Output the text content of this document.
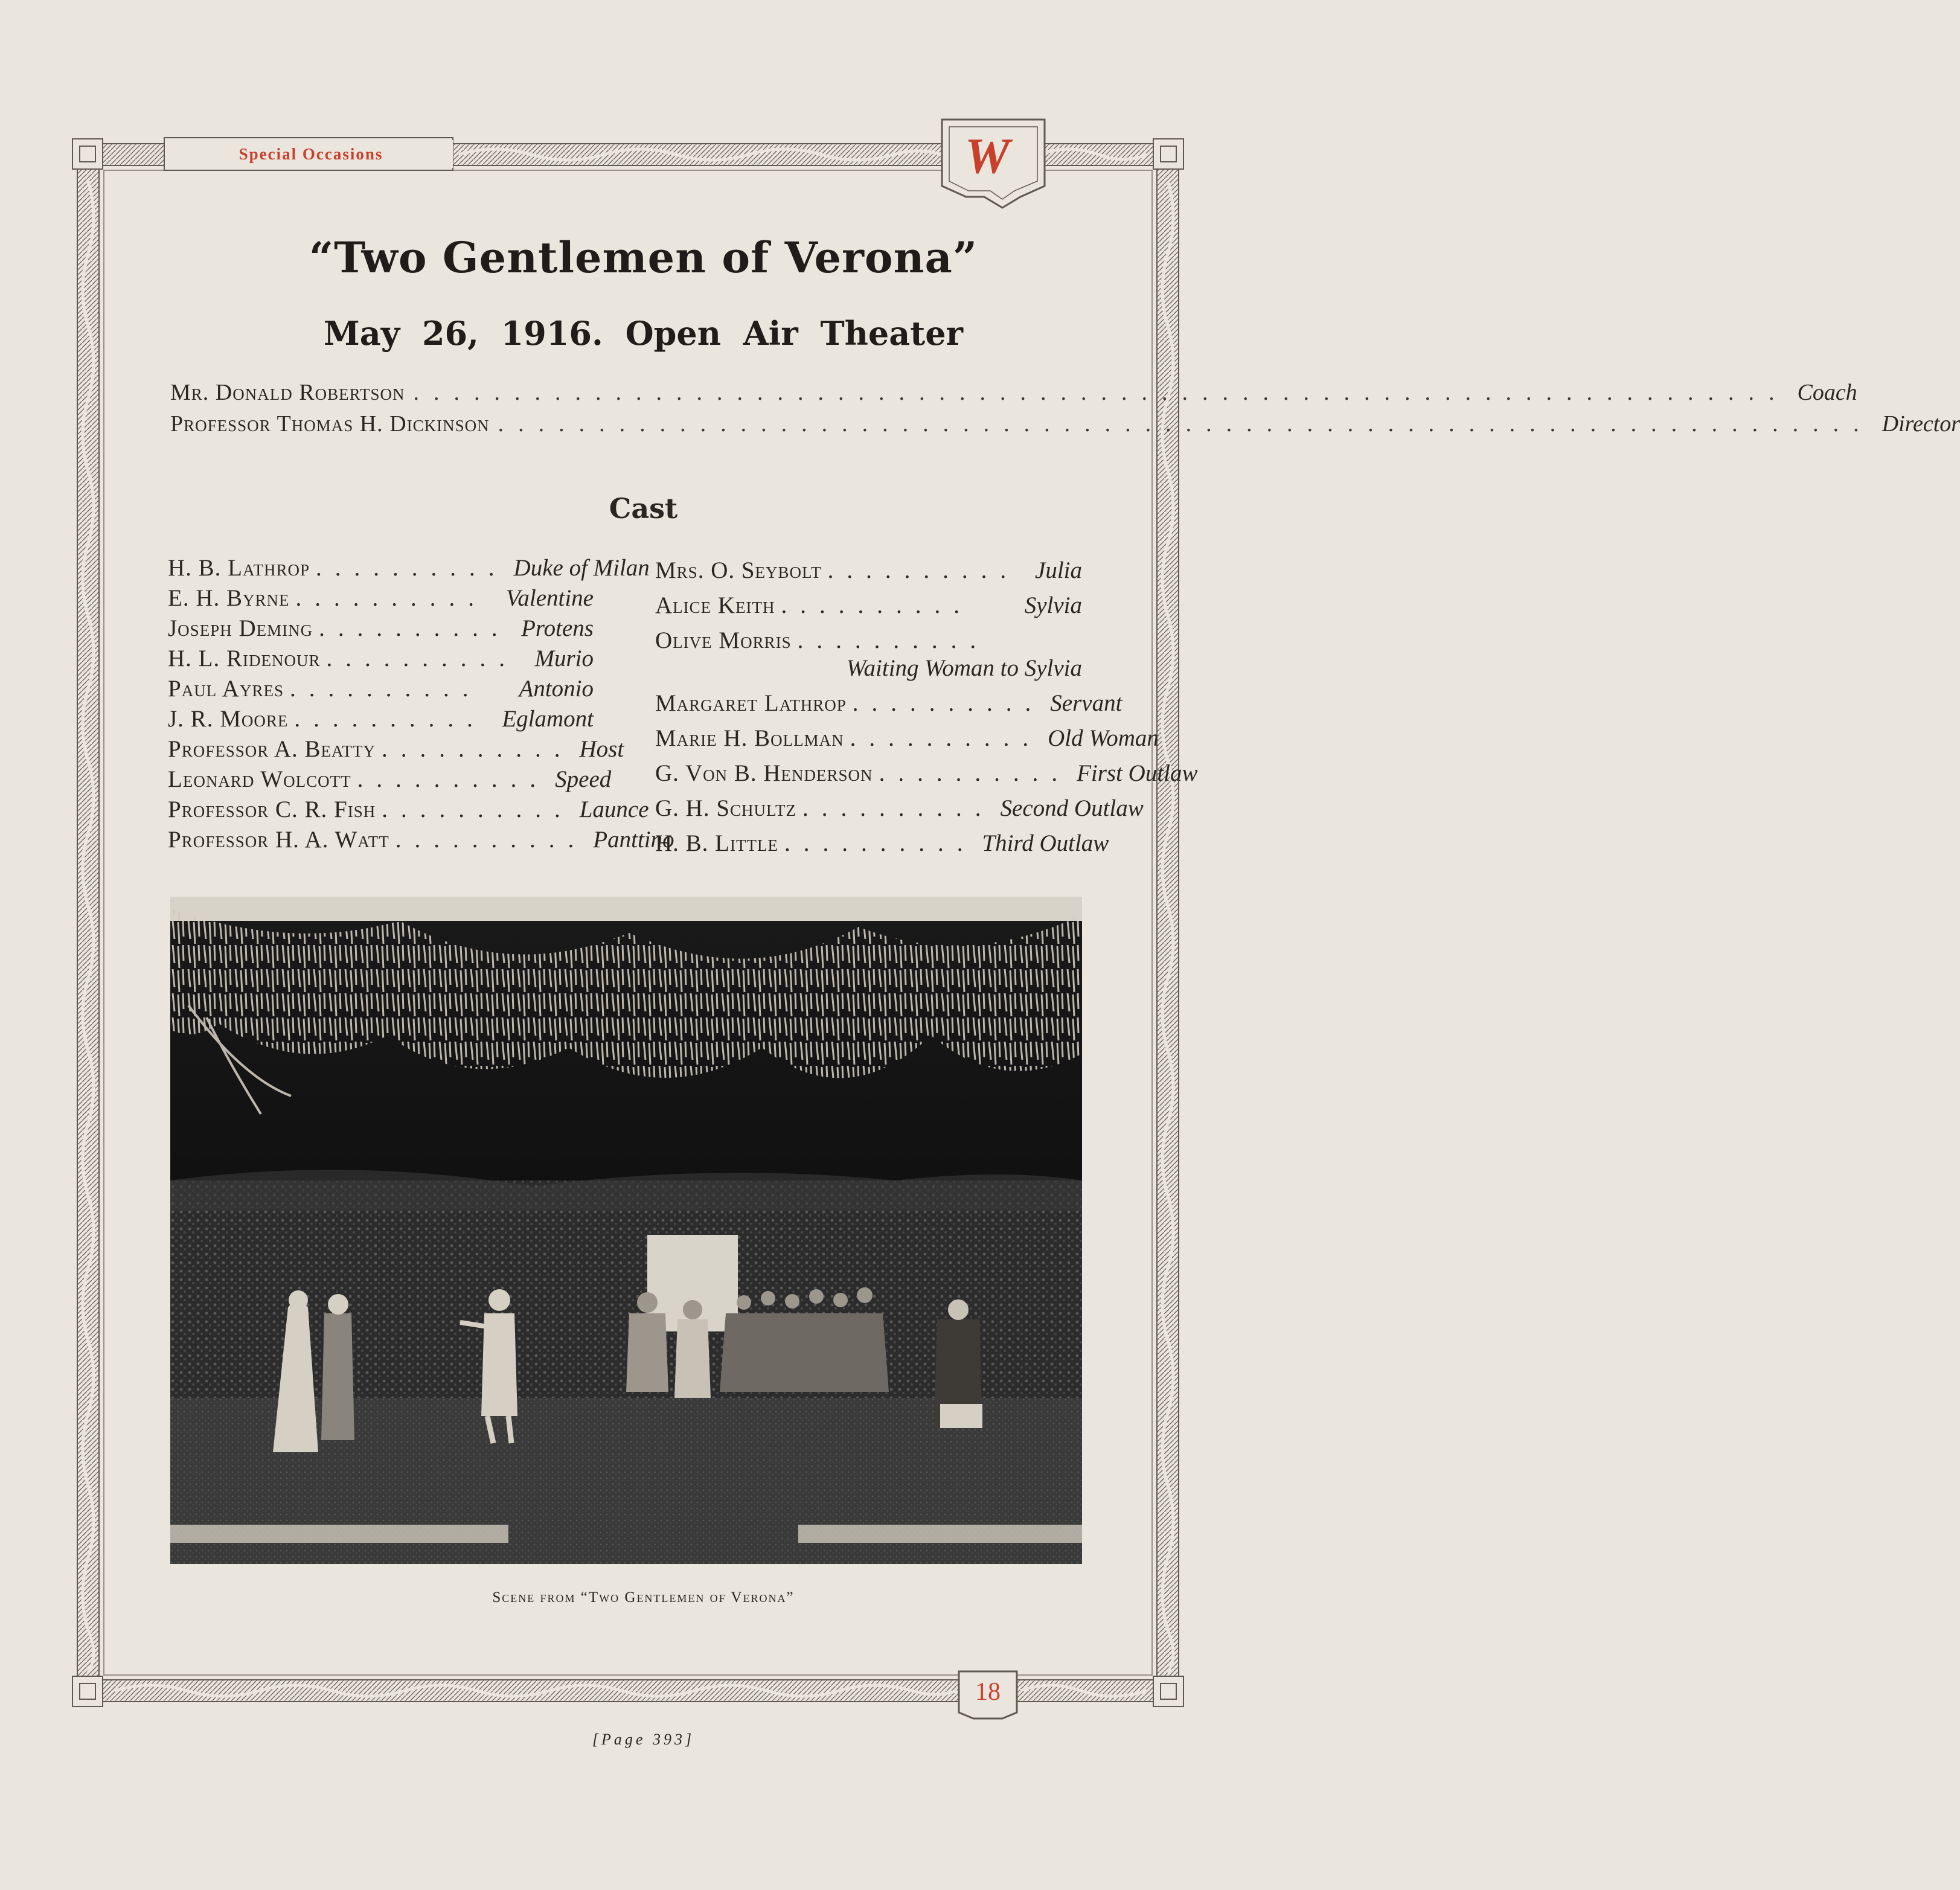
Special Occasions	W
18
“Two Gentlemen of Verona”
May 26, 1916. Open Air Theater
Mr. Donald Robertson .................................................................... Coach
Professor Thomas H. Dickinson .................................................................... Director
Cast
H. B. Lathrop .......... Duke of Milan
E. H. Byrne .......... Valentine
Joseph Deming .......... Protens
H. L. Ridenour .......... Murio
Paul Ayres ..........	Antonio
J. R. Moore .......... Eglamont
Professor A. Beatty .......... Host
Leonard Wolcott .......... Speed
Professor C. R. Fish .......... Launce
Professor H. A. Watt .......... Panttino
Mrs. O. Seybolt .......... Julia
Alice Keith ..........	Sylvia
Olive Morris ..........
Waiting Woman to Sylvia
Margaret Lathrop .......... Servant
Marie H. Bollman .......... Old Woman
G. Von B. Henderson .......... First Outlaw
G. H. Schultz .......... Second Outlaw
H. B. Little .......... Third Outlaw
Scene from “Two Gentlemen of Verona”
[Page 393]
